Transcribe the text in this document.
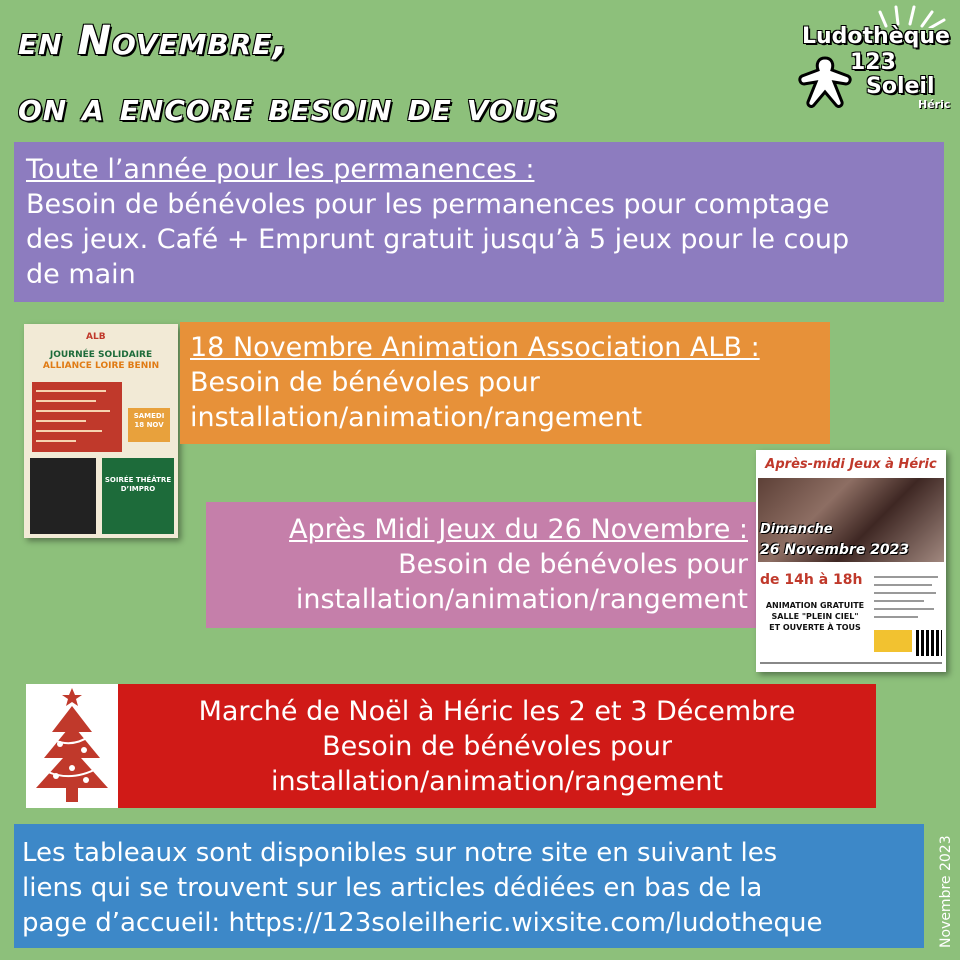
en Novembre,
on a encore besoin de vous
Ludothèque
123
Soleil
Héric
Toute l’année pour les permanences :
Besoin de bénévoles pour les permanences pour comptage
des jeux. Café + Emprunt gratuit jusqu’à 5 jeux pour le coup
de main
ALB
JOURNÉE SOLIDAIRE
ALLIANCE LOIRE BENIN
SAMEDI 18 NOV
SOIRÉE THÉÂTRE D’IMPRO
18 Novembre Animation Association ALB :
Besoin de bénévoles pour
installation/animation/rangement
Après Midi Jeux du 26 Novembre :
Besoin de bénévoles pour
installation/animation/rangement
Après-midi Jeux à Héric
Dimanche
26 Novembre 2023
de 14h à 18h
ANIMATION GRATUITE
SALLE "PLEIN CIEL"
ET OUVERTE À TOUS
Marché de Noël à Héric les 2 et 3 Décembre
Besoin de bénévoles pour
installation/animation/rangement
Les tableaux sont disponibles sur notre site en suivant les
liens qui se trouvent sur les articles dédiées en bas de la
page d’accueil: https://123soleilheric.wixsite.com/ludotheque	Novembre 2023
